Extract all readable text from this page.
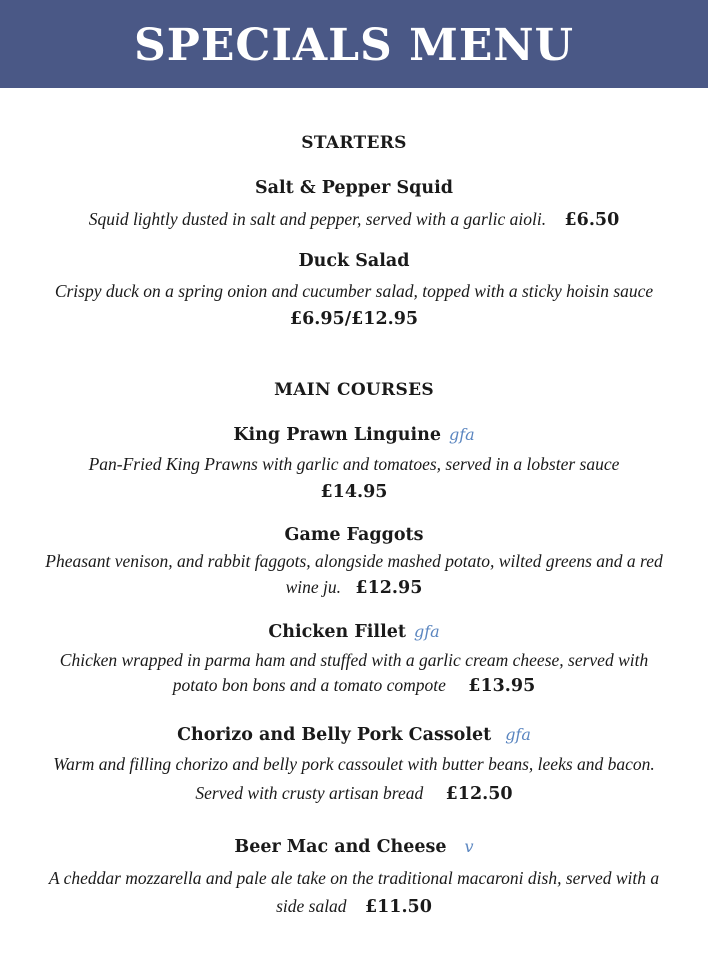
SPECIALS MENU
STARTERS
Salt & Pepper Squid
Squid lightly dusted in salt and pepper, served with a garlic aioli. £6.50
Duck Salad
Crispy duck on a spring onion and cucumber salad, topped with a sticky hoisin sauce
£6.95/£12.95
MAIN COURSES
King Prawn Linguine gfa
Pan-Fried King Prawns with garlic and tomatoes, served in a lobster sauce
£14.95
Game Faggots
Pheasant venison, and rabbit faggots, alongside mashed potato, wilted greens and a red
wine ju. £12.95
Chicken Fillet gfa
Chicken wrapped in parma ham and stuffed with a garlic cream cheese, served with
potato bon bons and a tomato compote £13.95
Chorizo and Belly Pork Cassolet gfa
Warm and filling chorizo and belly pork cassoulet with butter beans, leeks and bacon.
Served with crusty artisan bread £12.50
Beer Mac and Cheese v
A cheddar mozzarella and pale ale take on the traditional macaroni dish, served with a
side salad £11.50
